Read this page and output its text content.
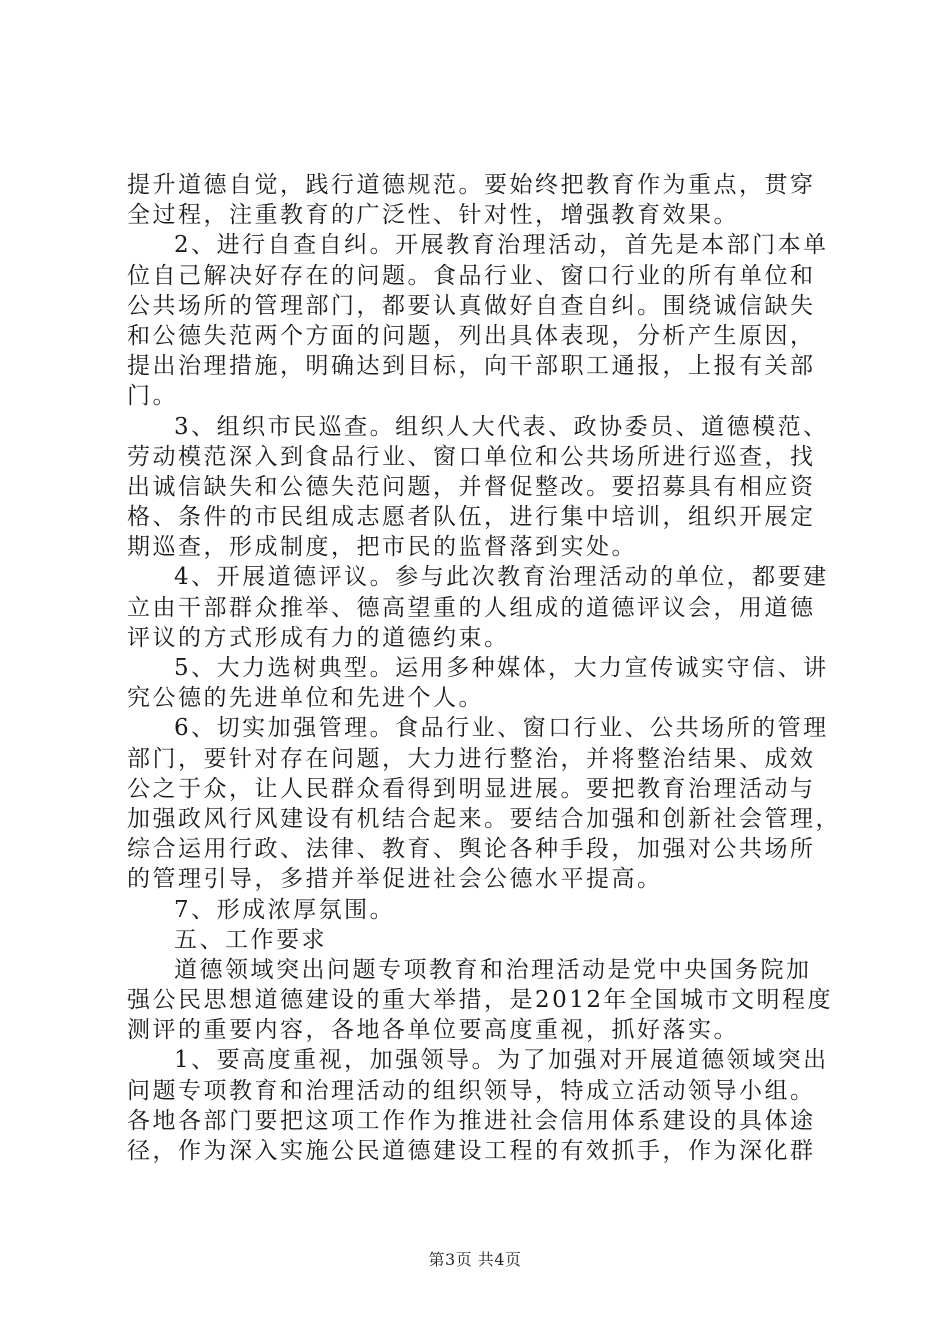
提升道德自觉，践行道德规范。要始终把教育作为重点，贯穿
全过程，注重教育的广泛性、针对性，增强教育效果。
2、进行自查自纠。开展教育治理活动，首先是本部门本单
位自己解决好存在的问题。食品行业、窗口行业的所有单位和
公共场所的管理部门，都要认真做好自查自纠。围绕诚信缺失
和公德失范两个方面的问题，列出具体表现，分析产生原因，
提出治理措施，明确达到目标，向干部职工通报，上报有关部
门。
3、组织市民巡查。组织人大代表、政协委员、道德模范、
劳动模范深入到食品行业、窗口单位和公共场所进行巡查，找
出诚信缺失和公德失范问题，并督促整改。要招募具有相应资
格、条件的市民组成志愿者队伍，进行集中培训，组织开展定
期巡查，形成制度，把市民的监督落到实处。
4、开展道德评议。参与此次教育治理活动的单位，都要建
立由干部群众推举、德高望重的人组成的道德评议会，用道德
评议的方式形成有力的道德约束。
5、大力选树典型。运用多种媒体，大力宣传诚实守信、讲
究公德的先进单位和先进个人。
6、切实加强管理。食品行业、窗口行业、公共场所的管理
部门，要针对存在问题，大力进行整治，并将整治结果、成效
公之于众，让人民群众看得到明显进展。要把教育治理活动与
加强政风行风建设有机结合起来。要结合加强和创新社会管理，
综合运用行政、法律、教育、舆论各种手段，加强对公共场所
的管理引导，多措并举促进社会公德水平提高。
7、形成浓厚氛围。
五、工作要求
道德领域突出问题专项教育和治理活动是党中央国务院加
强公民思想道德建设的重大举措，是2012年全国城市文明程度
测评的重要内容，各地各单位要高度重视，抓好落实。
1、要高度重视，加强领导。为了加强对开展道德领域突出
问题专项教育和治理活动的组织领导，特成立活动领导小组。
各地各部门要把这项工作作为推进社会信用体系建设的具体途
径，作为深入实施公民道德建设工程的有效抓手，作为深化群
第3页 共4页
